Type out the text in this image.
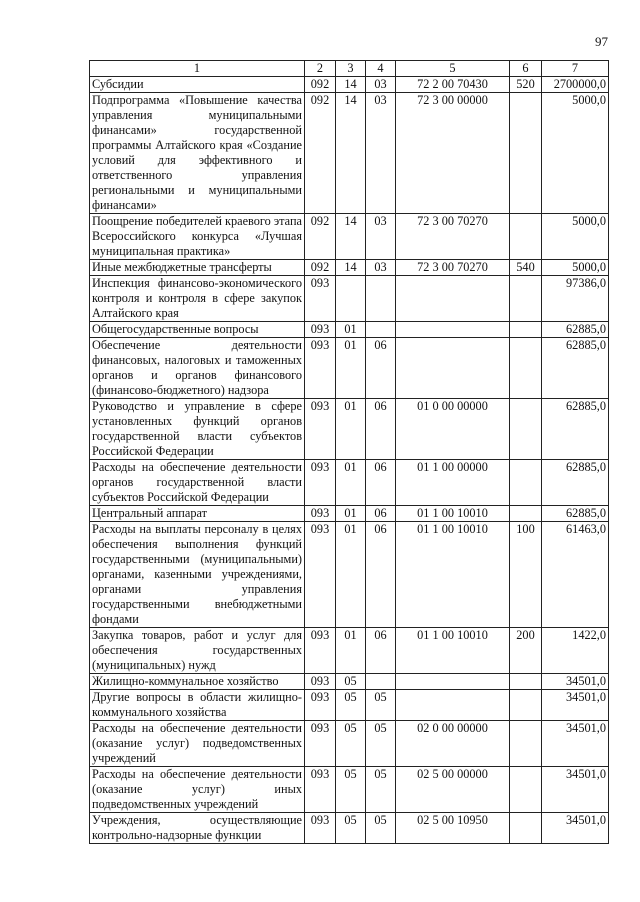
97
1	2	3	4	5	6	7
Субсидии	092	14	03	72 2 00 70430	520	2700000,0
Подпрограмма «Повышение качества управления муниципальными финансами» государственной программы Алтайского края «Создание условий для эффективного и ответственного управления региональными и муниципальными финансами»	092	14	03	72 3 00 00000		5000,0
Поощрение победителей краевого этапа Всероссийского конкурса «Лучшая муниципальная практика»	092	14	03	72 3 00 70270		5000,0
Иные межбюджетные трансферты	092	14	03	72 3 00 70270	540	5000,0
Инспекция финансово-экономического контроля и контроля в сфере закупок Алтайского края	093					97386,0
Общегосударственные вопросы	093	01				62885,0
Обеспечение деятельности финансовых, налоговых и таможенных органов и органов финансового (финансово-бюджетного) надзора	093	01	06			62885,0
Руководство и управление в сфере установленных функций органов государственной власти субъектов Российской Федерации	093	01	06	01 0 00 00000		62885,0
Расходы на обеспечение деятельности органов государственной власти субъектов Российской Федерации	093	01	06	01 1 00 00000		62885,0
Центральный аппарат	093	01	06	01 1 00 10010		62885,0
Расходы на выплаты персоналу в целях обеспечения выполнения функций государственными (муниципальными) органами, казенными учреждениями, органами управления государственными внебюджетными фондами	093	01	06	01 1 00 10010	100	61463,0
Закупка товаров, работ и услуг для обеспечения государственных (муниципальных) нужд	093	01	06	01 1 00 10010	200	1422,0
Жилищно-коммунальное хозяйство	093	05				34501,0
Другие вопросы в области жилищно-коммунального хозяйства	093	05	05			34501,0
Расходы на обеспечение деятельности (оказание услуг) подведомственных учреждений	093	05	05	02 0 00 00000		34501,0
Расходы на обеспечение деятельности (оказание услуг) иных подведомственных учреждений	093	05	05	02 5 00 00000		34501,0
Учреждения, осуществляющие контрольно-надзорные функции	093	05	05	02 5 00 10950		34501,0
